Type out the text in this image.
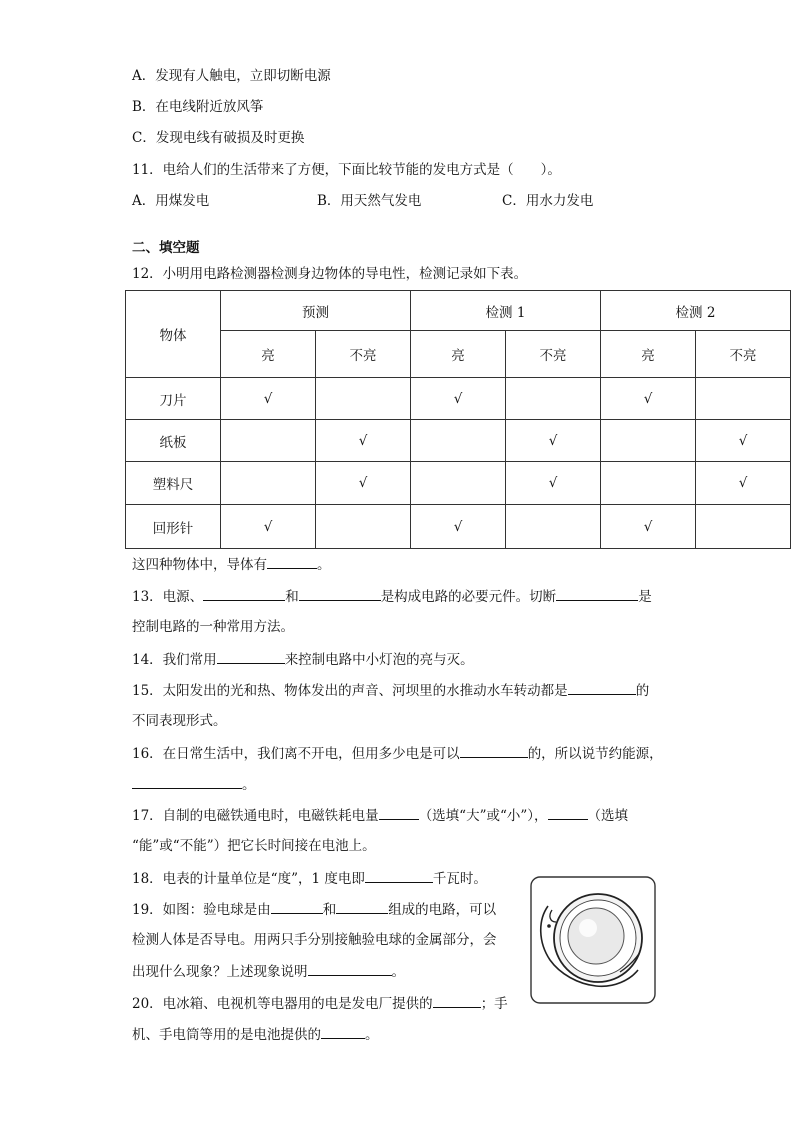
A．发现有人触电，立即切断电源
B．在电线附近放风筝
C．发现电线有破损及时更换
11．电给人们的生活带来了方便，下面比较节能的发电方式是（　　）。
A．用煤发电	B．用天然气发电	C．用水力发电
二、填空题
12．小明用电路检测器检测身边物体的导电性，检测记录如下表。
物体	预测		检测 1		检测 2	
	亮	不亮	亮	不亮	亮	不亮
刀片	√		√		√	
纸板		√		√		√
塑料尺		√		√		√
回形针	√		√		√	
这四种物体中，导体有	。
13．电源、	和	是构成电路的必要元件。切断	是
控制电路的一种常用方法。
14．我们常用	来控制电路中小灯泡的亮与灭。
15．太阳发出的光和热、物体发出的声音、河坝里的水推动水车转动都是	的
不同表现形式。
16．在日常生活中，我们离不开电，但用多少电是可以	的，所以说节约能源，
。
17．自制的电磁铁通电时，电磁铁耗电量	（选填“大”或“小”），	（选填
“能”或“不能”）把它长时间接在电池上。
18．电表的计量单位是“度”，1 度电即	千瓦时。
19．如图：验电球是由	和	组成的电路，可以
检测人体是否导电。用两只手分别接触验电球的金属部分，会
出现什么现象？上述现象说明	。
20．电冰箱、电视机等电器用的电是发电厂提供的	；手
机、手电筒等用的是电池提供的	。
